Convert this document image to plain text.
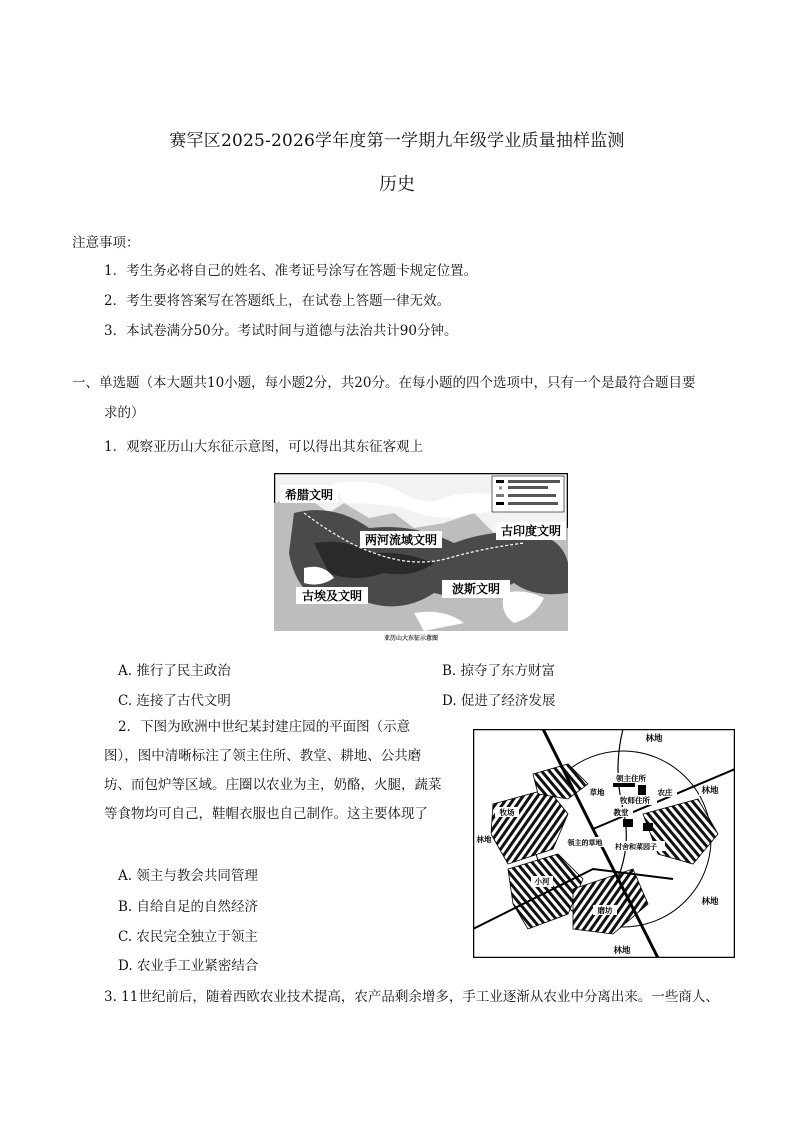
赛罕区2025-2026学年度第一学期九年级学业质量抽样监测
历史
注意事项：
1．考生务必将自己的姓名、准考证号涂写在答题卡规定位置。
2．考生要将答案写在答题纸上，在试卷上答题一律无效。
3．本试卷满分50分。考试时间与道德与法治共计90分钟。
一、单选题（本大题共10小题，每小题2分，共20分。在每小题的四个选项中，只有一个是最符合题目要
求的）
1．观察亚历山大东征示意图，可以得出其东征客观上
×
希腊文明
两河流域文明
古印度文明
古埃及文明	波斯文明
亚历山大东征示意图
A. 推行了民主政治	B. 掠夺了东方财富
C. 连接了古代文明	D. 促进了经济发展
2．下图为欧洲中世纪某封建庄园的平面图（示意图），图中清晰标注了领主住所、教堂、耕地、公共磨坊、而包炉等区域。庄圈以农业为主，奶酪，火腿，蔬菜等食物均可自己，鞋帽衣服也自己制作。这主要体现了
林地
林地
林地
林地
林地
领主住所
牧师住所
教堂
草地	农庄
小河
磨坊
领主的草地 村舍和菜园子
牧场
A. 领主与教会共同管理
B. 自给自足的自然经济
C. 农民完全独立于领主
D. 农业手工业紧密结合
3. 11世纪前后，随着西欧农业技术提高，农产品剩余增多，手工业逐渐从农业中分离出来。一些商人、
